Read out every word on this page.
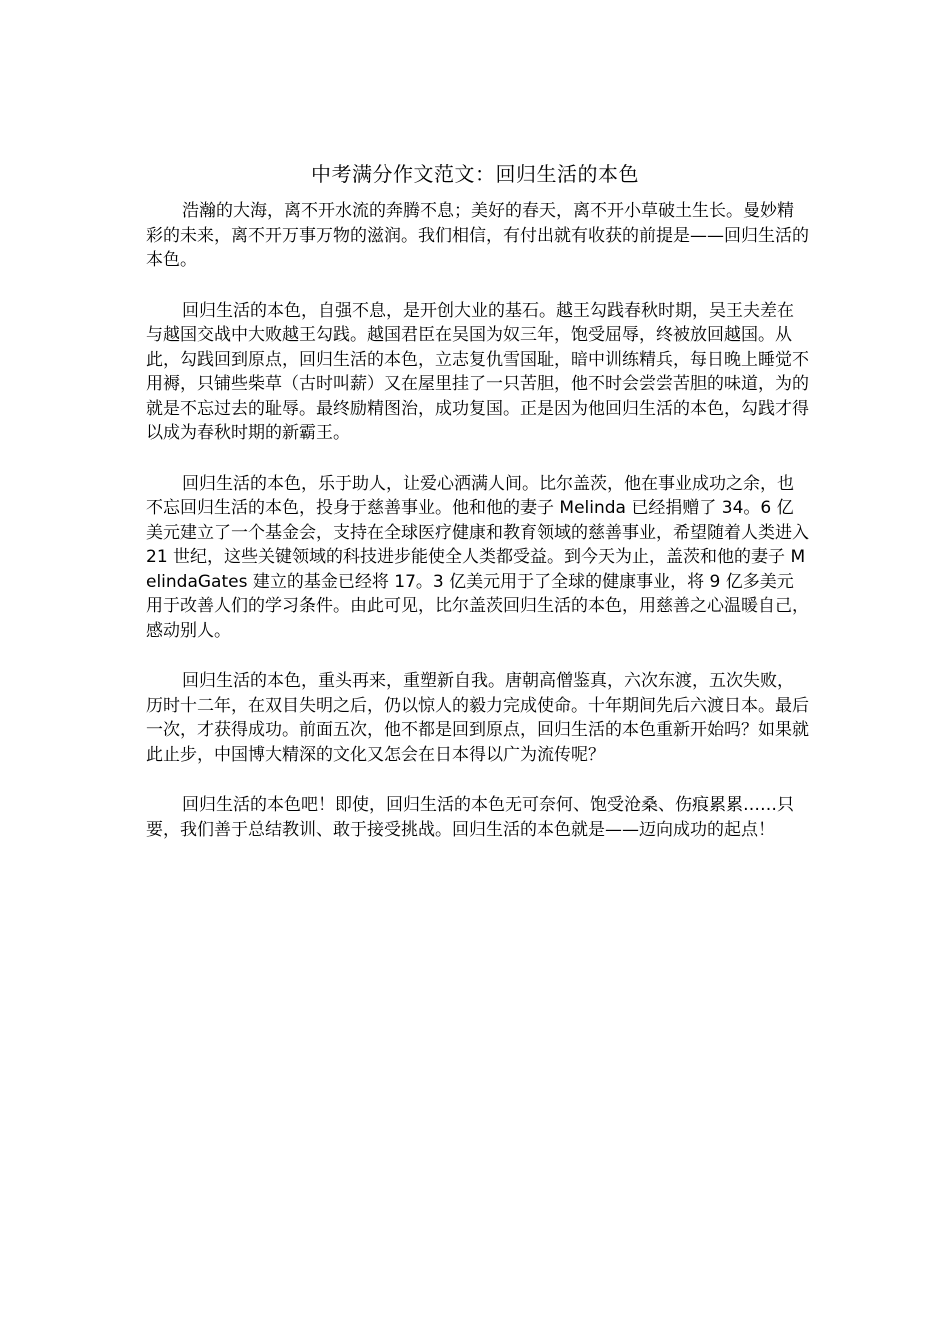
中考满分作文范文：回归生活的本色

浩瀚的大海，离不开水流的奔腾不息；美好的春天，离不开小草破土生长。曼妙精彩的未来，离不开万事万物的滋润。我们相信，有付出就有收获的前提是——回归生活的本色。

回归生活的本色，自强不息，是开创大业的基石。越王勾践春秋时期，吴王夫差在与越国交战中大败越王勾践。越国君臣在吴国为奴三年，饱受屈辱，终被放回越国。从此，勾践回到原点，回归生活的本色，立志复仇雪国耻，暗中训练精兵，每日晚上睡觉不用褥，只铺些柴草（古时叫薪）又在屋里挂了一只苦胆，他不时会尝尝苦胆的味道，为的就是不忘过去的耻辱。最终励精图治，成功复国。正是因为他回归生活的本色，勾践才得以成为春秋时期的新霸王。

回归生活的本色，乐于助人，让爱心洒满人间。比尔盖茨，他在事业成功之余，也不忘回归生活的本色，投身于慈善事业。他和他的妻子 Melinda 已经捐赠了 34。6 亿美元建立了一个基金会，支持在全球医疗健康和教育领域的慈善事业，希望随着人类进入 21 世纪，这些关键领域的科技进步能使全人类都受益。到今天为止，盖茨和他的妻子 MelindaGates 建立的基金已经将 17。3 亿美元用于了全球的健康事业，将 9 亿多美元用于改善人们的学习条件。由此可见，比尔盖茨回归生活的本色，用慈善之心温暖自己，感动别人。

回归生活的本色，重头再来，重塑新自我。唐朝高僧鉴真，六次东渡，五次失败，历时十二年，在双目失明之后，仍以惊人的毅力完成使命。十年期间先后六渡日本。最后一次，才获得成功。前面五次，他不都是回到原点，回归生活的本色重新开始吗？如果就此止步，中国博大精深的文化又怎会在日本得以广为流传呢？

回归生活的本色吧！即使，回归生活的本色无可奈何、饱受沧桑、伤痕累累……只要，我们善于总结教训、敢于接受挑战。回归生活的本色就是——迈向成功的起点！
